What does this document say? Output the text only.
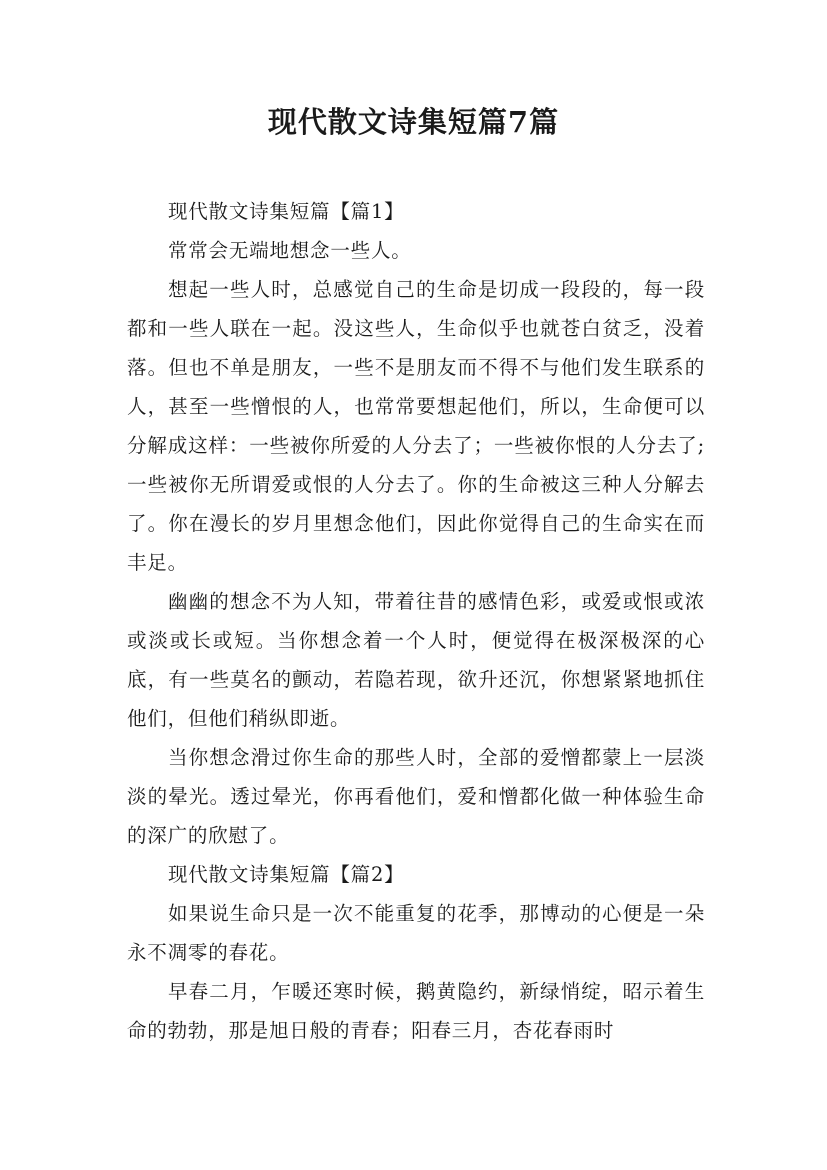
现代散文诗集短篇7篇

现代散文诗集短篇【篇1】

常常会无端地想念一些人。

想起一些人时，总感觉自己的生命是切成一段段的，每一段都和一些人联在一起。没这些人，生命似乎也就苍白贫乏，没着落。但也不单是朋友，一些不是朋友而不得不与他们发生联系的人，甚至一些憎恨的人，也常常要想起他们，所以，生命便可以分解成这样：一些被你所爱的人分去了；一些被你恨的人分去了;一些被你无所谓爱或恨的人分去了。你的生命被这三种人分解去了。你在漫长的岁月里想念他们，因此你觉得自己的生命实在而丰足。

幽幽的想念不为人知，带着往昔的感情色彩，或爱或恨或浓或淡或长或短。当你想念着一个人时，便觉得在极深极深的心底，有一些莫名的颤动，若隐若现，欲升还沉，你想紧紧地抓住他们，但他们稍纵即逝。

当你想念滑过你生命的那些人时，全部的爱憎都蒙上一层淡淡的晕光。透过晕光，你再看他们，爱和憎都化做一种体验生命的深广的欣慰了。

现代散文诗集短篇【篇2】

如果说生命只是一次不能重复的花季，那博动的心便是一朵永不凋零的春花。

早春二月，乍暖还寒时候，鹅黄隐约，新绿悄绽，昭示着生命的勃勃，那是旭日般的青春；阳春三月，杏花春雨时
